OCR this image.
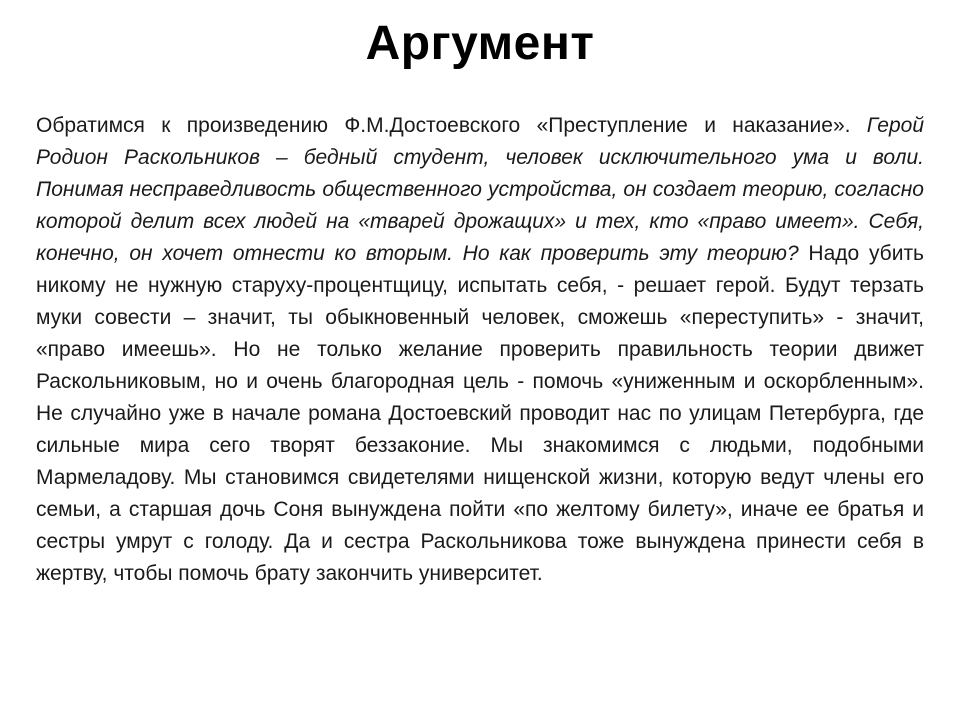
Аргумент

Обратимся к произведению Ф.М.Достоевского «Преступление и наказание». Герой Родион Раскольников – бедный студент, человек исключительного ума и воли. Понимая несправедливость общественного устройства, он создает теорию, согласно которой делит всех людей на «тварей дрожащих» и тех, кто «право имеет». Себя, конечно, он хочет отнести ко вторым. Но как проверить эту теорию? Надо убить никому не нужную старуху-процентщицу, испытать себя, - решает герой. Будут терзать муки совести – значит, ты обыкновенный человек, сможешь «переступить» - значит, «право имеешь». Но не только желание проверить правильность теории движет Раскольниковым, но и очень благородная цель - помочь «униженным и оскорбленным». Не случайно уже в начале романа Достоевский проводит нас по улицам Петербурга, где сильные мира сего творят беззаконие. Мы знакомимся с людьми, подобными Мармеладову. Мы становимся свидетелями нищенской жизни, которую ведут члены его семьи, а старшая дочь Соня вынуждена пойти «по желтому билету», иначе ее братья и сестры умрут с голоду. Да и сестра Раскольникова тоже вынуждена принести себя в жертву, чтобы помочь брату закончить университет.
